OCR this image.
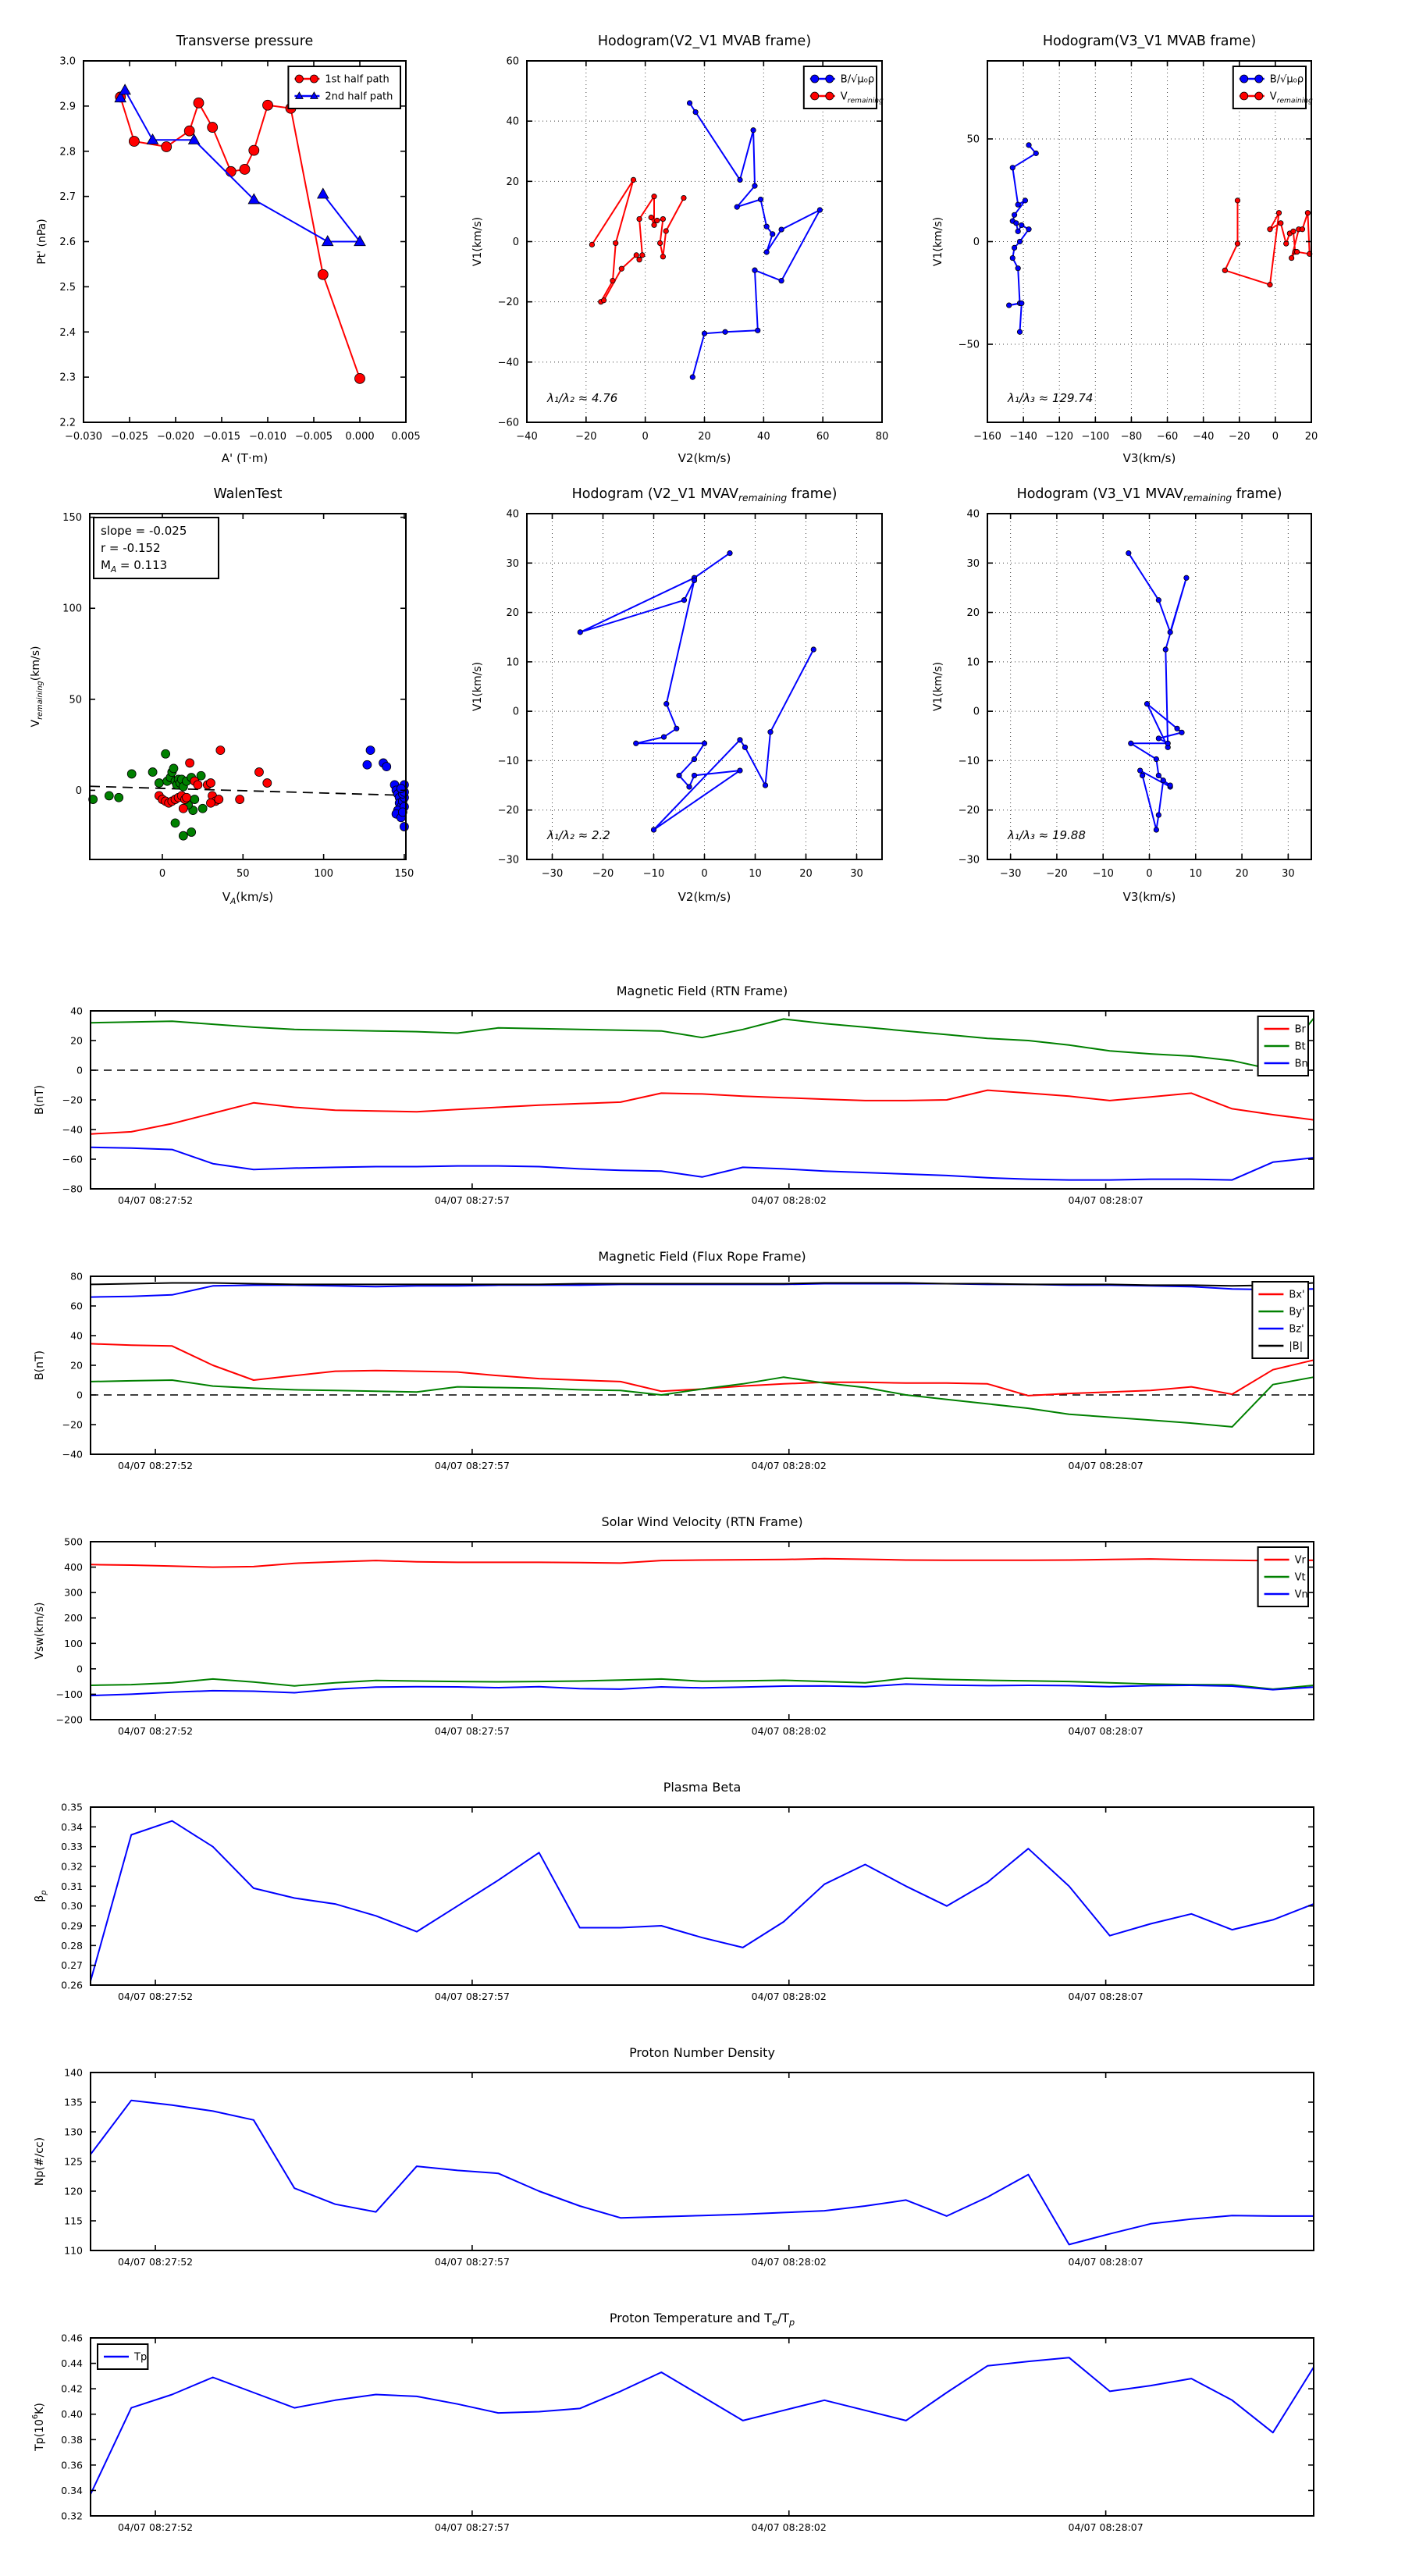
−0.030 −0.025 −0.020 −0.015 −0.010 −0.005 0.000 0.005
2.2
2.3
2.4
2.5
2.6
2.7
2.8
2.9
3.0
Transverse pressure
A' (T·m)
Pt' (nPa)
1st half path
2nd half path
−40	−20	0	20	40	60	80
−60
−40
−20
0
20
40
60
Hodogram(V2_V1 MVAB frame)
V2(km/s)
V1(km/s)
λ₁/λ₂ ≈ 4.76
B/√μ₀ρ
$V_{remaining}$
−160 −140 −120 −100 −80 −60 −40 −20 0	20
−50
0
50
Hodogram(V3_V1 MVAB frame)
V3(km/s)
V1(km/s)
λ₁/λ₃ ≈ 129.74
B/√μ₀ρ
$V_{remaining}$
0	50	100	150
0
50
100
150
WalenTest
$V_A(km/s)$
$V_{remaining}(km/s)$
slope = -0.025
r = -0.152
$M_A = 0.113$
−30	−20	−10	0	10	20	30
−30
−20
−10
0
10
20
30
40
Hodogram (V2_V1 $MVAV_{remaining}$ frame)
V2(km/s)
V1(km/s)
λ₁/λ₂ ≈ 2.2
−30 −20 −10	0	10	20	30
−30
−20
−10
0
10
20
30
40
Hodogram (V3_V1 $MVAV_{remaining}$ frame)
V3(km/s)
V1(km/s)
λ₁/λ₃ ≈ 19.88
04/07 08:27:52	04/07 08:27:57	04/07 08:28:02	04/07 08:28:07
−80
−60
−40
−20
0
20
40
Magnetic Field (RTN Frame)
B(nT)
Br
Bt
Bn
04/07 08:27:52	04/07 08:27:57	04/07 08:28:02	04/07 08:28:07
−40
−20
0
20
40
60
80
Magnetic Field (Flux Rope Frame)
B(nT)
Bx'
By'
Bz'
|B|
04/07 08:27:52	04/07 08:27:57	04/07 08:28:02	04/07 08:28:07
−200
−100
0
100
200
300
400
500
Solar Wind Velocity (RTN Frame)
Vsw(km/s)
Vr
Vt
Vn
04/07 08:27:52	04/07 08:27:57	04/07 08:28:02	04/07 08:28:07
0.26
0.27
0.28
0.29
0.30
0.31
0.32
0.33
0.34
0.35
Plasma Beta
$\beta_p$
04/07 08:27:52	04/07 08:27:57	04/07 08:28:02	04/07 08:28:07
110
115
120
125
130
135
140
Proton Number Density
Np(#/cc)
04/07 08:27:52	04/07 08:27:57	04/07 08:28:02	04/07 08:28:07
0.32
0.34
0.36
0.38
0.40
0.42
0.44
0.46
Proton Temperature and $T_e/T_p$
$Tp(10^6K)$
Tp
